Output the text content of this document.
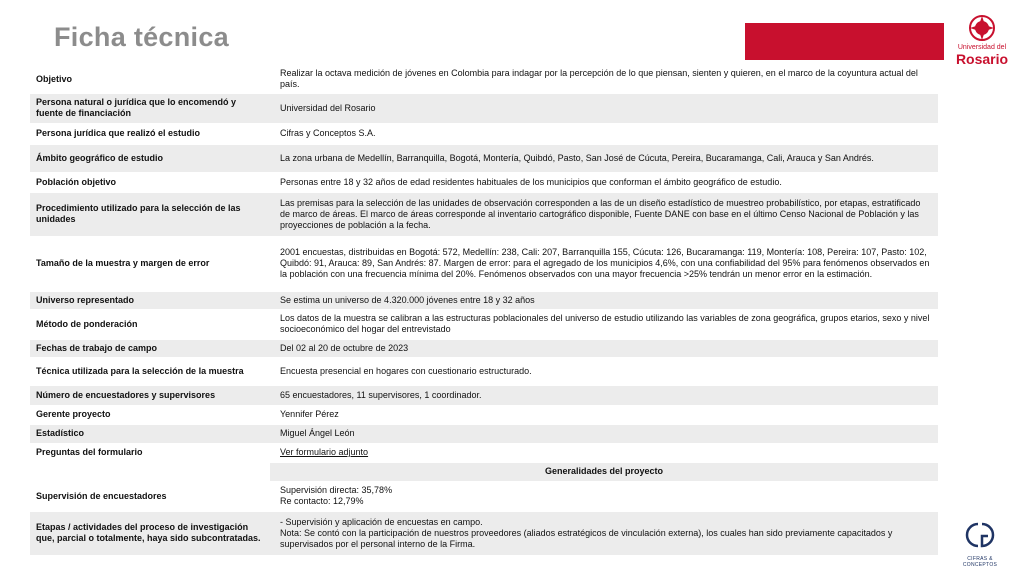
Ficha técnica	Universidad del
Rosario
Objetivo	Realizar la octava medición de jóvenes en Colombia para indagar por la percepción de lo que piensan, sienten y quieren, en el marco de la coyuntura actual del país.
Persona natural o jurídica que lo encomendó y fuente de financiación	Universidad del Rosario
Persona jurídica que realizó el estudio	Cifras y Conceptos S.A.
Ámbito geográfico de estudio	La zona urbana de Medellín, Barranquilla, Bogotá, Montería, Quibdó, Pasto, San José de Cúcuta, Pereira, Bucaramanga, Cali, Arauca y San Andrés.
Población objetivo	Personas entre 18 y 32 años de edad residentes habituales de los municipios que conforman el ámbito geográfico de estudio.
Procedimiento utilizado para la selección de las unidades	Las premisas para la selección de las unidades de observación corresponden a las de un diseño estadístico de muestreo probabilístico, por etapas, estratificado de marco de áreas. El marco de áreas corresponde al inventario cartográfico disponible, Fuente DANE con base en el último Censo Nacional de Población y las proyecciones de población a la fecha.
Tamaño de la muestra y margen de error	2001 encuestas, distribuidas en Bogotá: 572, Medellín: 238, Cali: 207, Barranquilla 155, Cúcuta: 126, Bucaramanga: 119, Montería: 108, Pereira: 107, Pasto: 102, Quibdó: 91, Arauca: 89, San Andrés: 87. Margen de error: para el agregado de los municipios 4,6%, con una confiabilidad del 95% para fenómenos observados en la población con una frecuencia mínima del 20%. Fenómenos observados con una mayor frecuencia >25% tendrán un menor error en la estimación.
Universo representado	Se estima un universo de 4.320.000 jóvenes entre 18 y 32 años
Método de ponderación	Los datos de la muestra se calibran a las estructuras poblacionales del universo de estudio utilizando las variables de zona geográfica, grupos etarios, sexo y nivel socioeconómico del hogar del entrevistado
Fechas de trabajo de campo	Del 02 al 20 de octubre de 2023
Técnica utilizada para la selección de la muestra	Encuesta presencial en hogares con cuestionario estructurado.
Número de encuestadores y supervisores	65 encuestadores, 11 supervisores, 1 coordinador.
Gerente proyecto	Yennifer Pérez
Estadístico	Miguel Ángel León
Preguntas del formulario	Ver formulario adjunto
	Generalidades del proyecto
Supervisión de encuestadores	Supervisión directa: 35,78%
Re contacto: 12,79%

Etapas / actividades del proceso de investigación que, parcial o totalmente, haya sido subcontratadas.	- Supervisión y aplicación de encuestas en campo.
Nota: Se contó con la participación de nuestros proveedores (aliados estratégicos de vinculación externa), los cuales han sido previamente capacitados y supervisados por el personal interno de la Firma.
CIFRAS & CONCEPTOS
